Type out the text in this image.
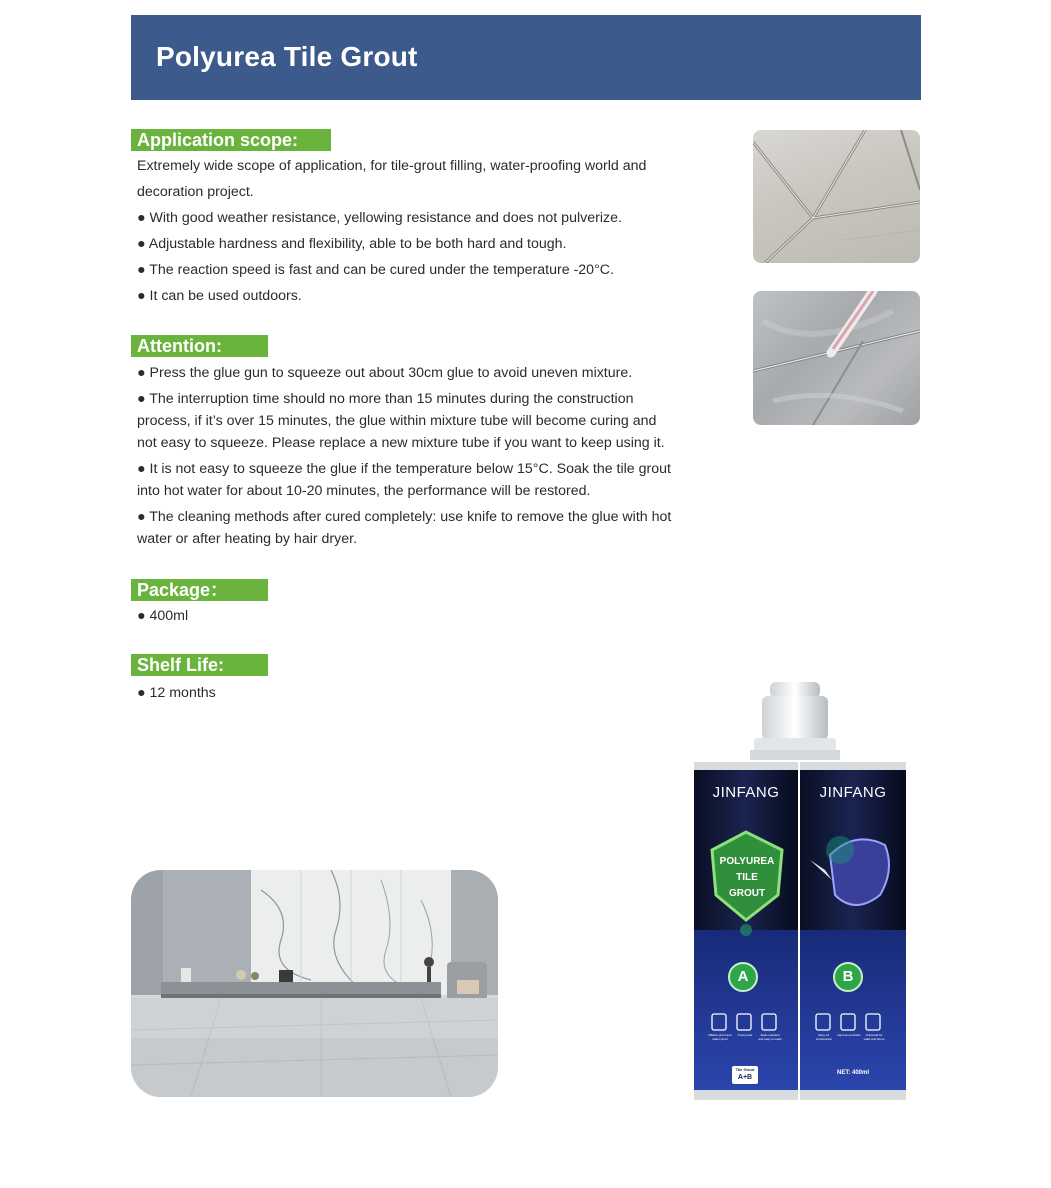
Polyurea Tile Grout
Application scope:

Extremely wide scope of application, for tile-grout filling, water-proofing world and

decoration project.

● With good weather resistance, yellowing resistance and does not pulverize.

● Adjustable hardness and flexibility, able to be both hard and tough.

● The reaction speed is fast and can be cured under the temperature -20°C.

● It can be used outdoors.

Attention:

● Press the glue gun to squeeze out about 30cm glue to avoid uneven mixture.

● The interruption time should no more than 15 minutes during the construction process, if it’s over 15 minutes, the glue within mixture tube will become curing and not easy to squeeze. Please replace a new mixture tube if you want to keep using it.

● It is not easy to squeeze the glue if the temperature below 15°C. Soak the tile grout into hot water for about 10-20 minutes, the performance will be restored.

● The cleaning methods after cured completely: use knife to remove the glue with hot water or after heating by hair dryer.

Package：

● 400ml

Shelf Life:

● 12 months

JINFANG	JINFANG
POLYUREA
TILE
GROUT
A	B
Mildew-proof and water-proof
Curing fast	Stain-resistant and easy to wash
Easy for construction
Hard as porcelain	Universal for walls and floors
Tile Grout
A+B
NET: 400ml
